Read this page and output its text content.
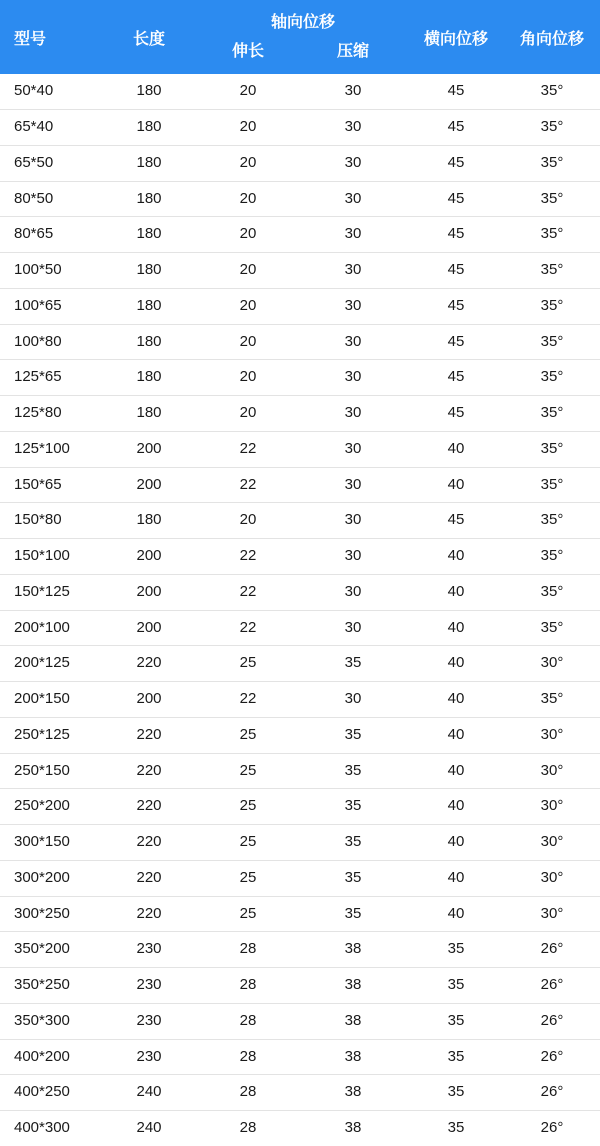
型号	长度	轴向位移		横向位移	角向位移
		伸长	压缩		
50*40	180	20	30	45	35°
65*40	180	20	30	45	35°
65*50	180	20	30	45	35°
80*50	180	20	30	45	35°
80*65	180	20	30	45	35°
100*50	180	20	30	45	35°
100*65	180	20	30	45	35°
100*80	180	20	30	45	35°
125*65	180	20	30	45	35°
125*80	180	20	30	45	35°
125*100	200	22	30	40	35°
150*65	200	22	30	40	35°
150*80	180	20	30	45	35°
150*100	200	22	30	40	35°
150*125	200	22	30	40	35°
200*100	200	22	30	40	35°
200*125	220	25	35	40	30°
200*150	200	22	30	40	35°
250*125	220	25	35	40	30°
250*150	220	25	35	40	30°
250*200	220	25	35	40	30°
300*150	220	25	35	40	30°
300*200	220	25	35	40	30°
300*250	220	25	35	40	30°
350*200	230	28	38	35	26°
350*250	230	28	38	35	26°
350*300	230	28	38	35	26°
400*200	230	28	38	35	26°
400*250	240	28	38	35	26°
400*300	240	28	38	35	26°
